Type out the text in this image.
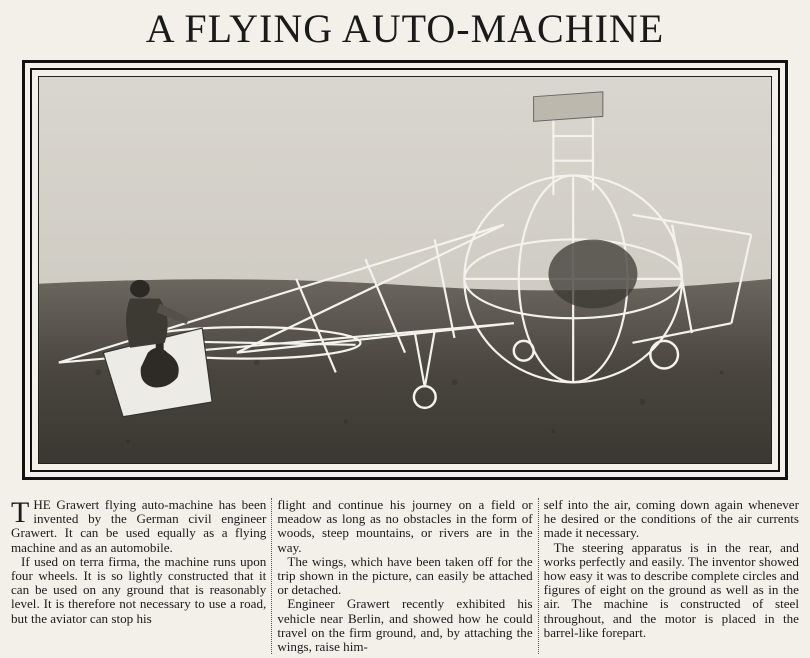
A FLYING AUTO-MACHINE

THE Grawert flying auto-machine has been invented by the German civil engineer Grawert. It can be used equally as a flying machine and as an automobile.

If used on terra firma, the machine runs upon four wheels. It is so lightly constructed that it can be used on any ground that is reasonably level. It is therefore not necessary to use a road, but the aviator can stop his

flight and continue his journey on a field or meadow as long as no obstacles in the form of woods, steep mountains, or rivers are in the way.

The wings, which have been taken off for the trip shown in the picture, can easily be attached or detached.

Engineer Grawert recently exhibited his vehicle near Berlin, and showed how he could travel on the firm ground, and, by attaching the wings, raise him-

self into the air, coming down again whenever he desired or the conditions of the air currents made it necessary.

The steering apparatus is in the rear, and works perfectly and easily. The inventor showed how easy it was to describe complete circles and figures of eight on the ground as well as in the air. The machine is constructed of steel throughout, and the motor is placed in the barrel-like forepart.
